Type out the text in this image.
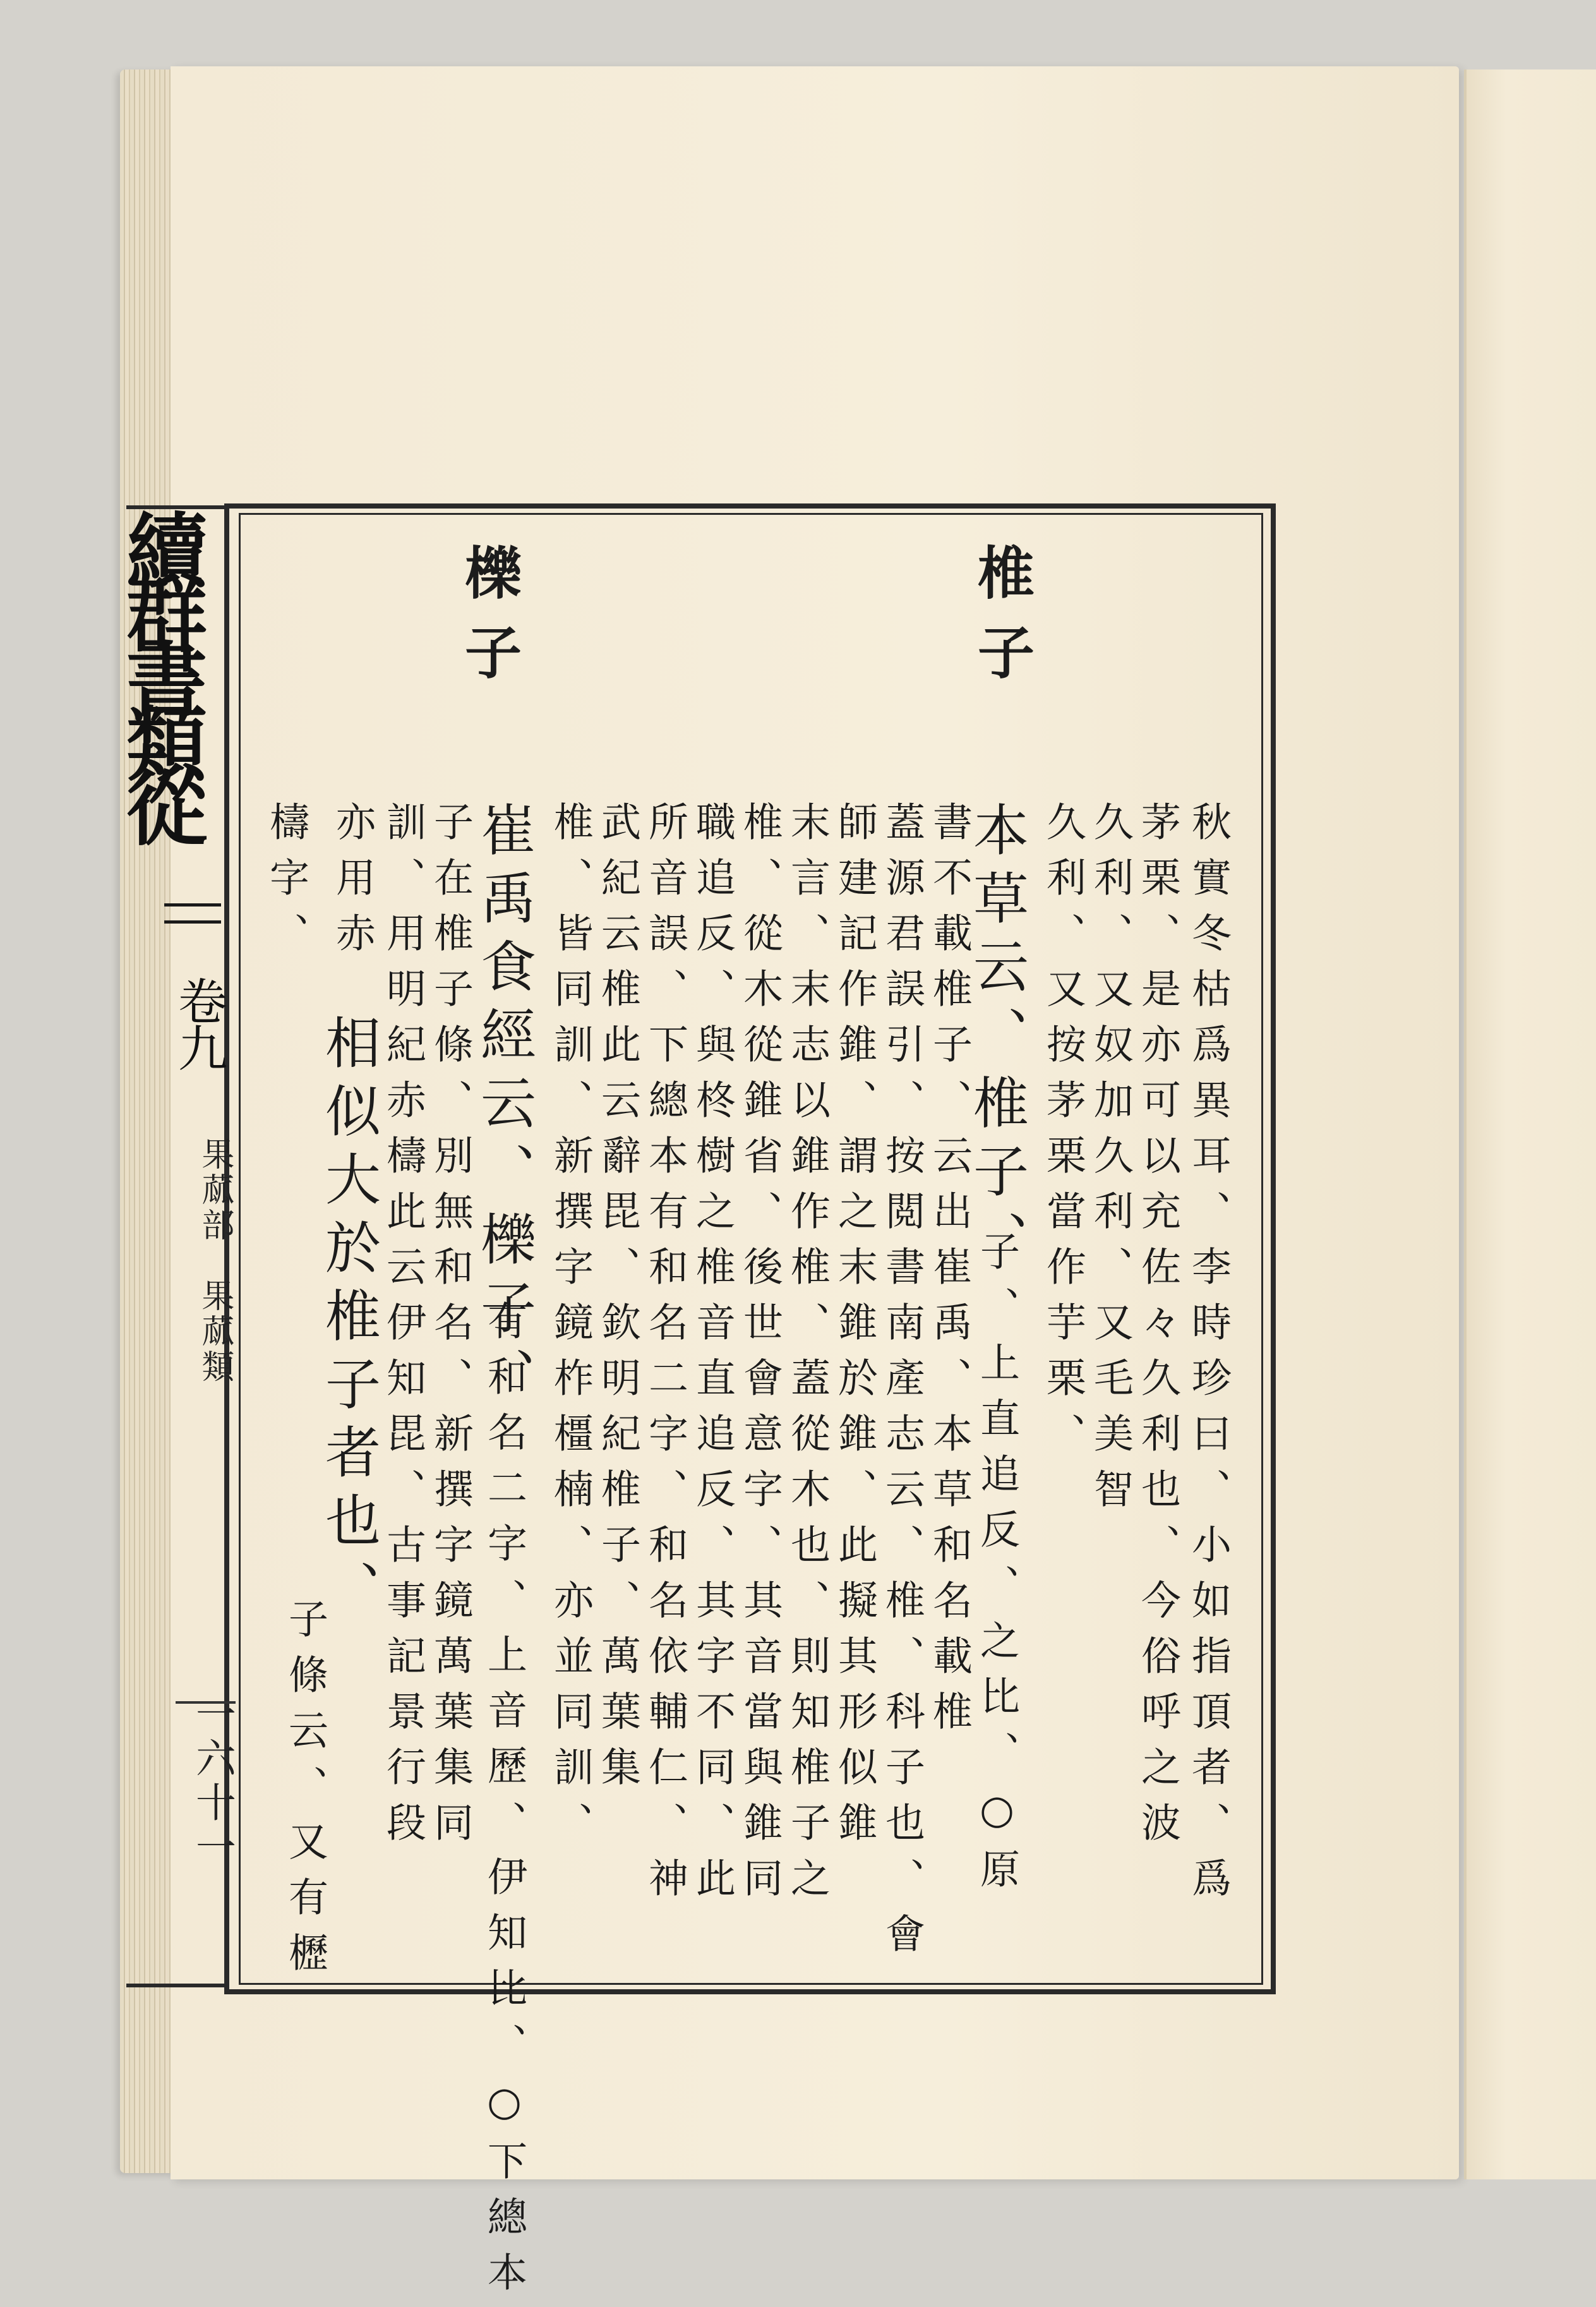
續群書類從
卷九
果蓏部　果蓏類
一六十一
椎子
櫟子
秋實冬枯爲異耳、李時珍曰、小如指頂者、爲
茅栗、是亦可以充佐々久利也、今俗呼之波
久利、又奴加久利、又毛美智
久利、又按茅栗當作芋栗、
本草云、椎子、
子、上直追反、之比、○原
書不載椎子、云出崔禹、本草和名載椎
蓋源君誤引、按閲書南產志云、椎、科子也、會
師建記作錐、謂之末錐於錐、此擬其形似錐
末言、末志以錐作椎、蓋從木也、則知椎子之
椎、從木從錐省、後世會意字、其音當與錐同
職追反、與柊樹之椎音直追反、其字不同、此
所音誤、下總本有和名二字、和名依輔仁、神
武紀云椎此云辭毘、欽明紀椎子、萬葉集
椎、皆同訓、新撰字鏡柞橿楠、亦並同訓、
崔禹食經云、櫟子、
有和名二字、上音歷、伊知比、○下總本
子在椎子條、別無和名、新撰字鏡萬葉集同
訓、用明紀赤檮此云伊知毘、古事記景行段
亦用赤
相似大於椎子者也、
子條云、又有櫪
檮字、
